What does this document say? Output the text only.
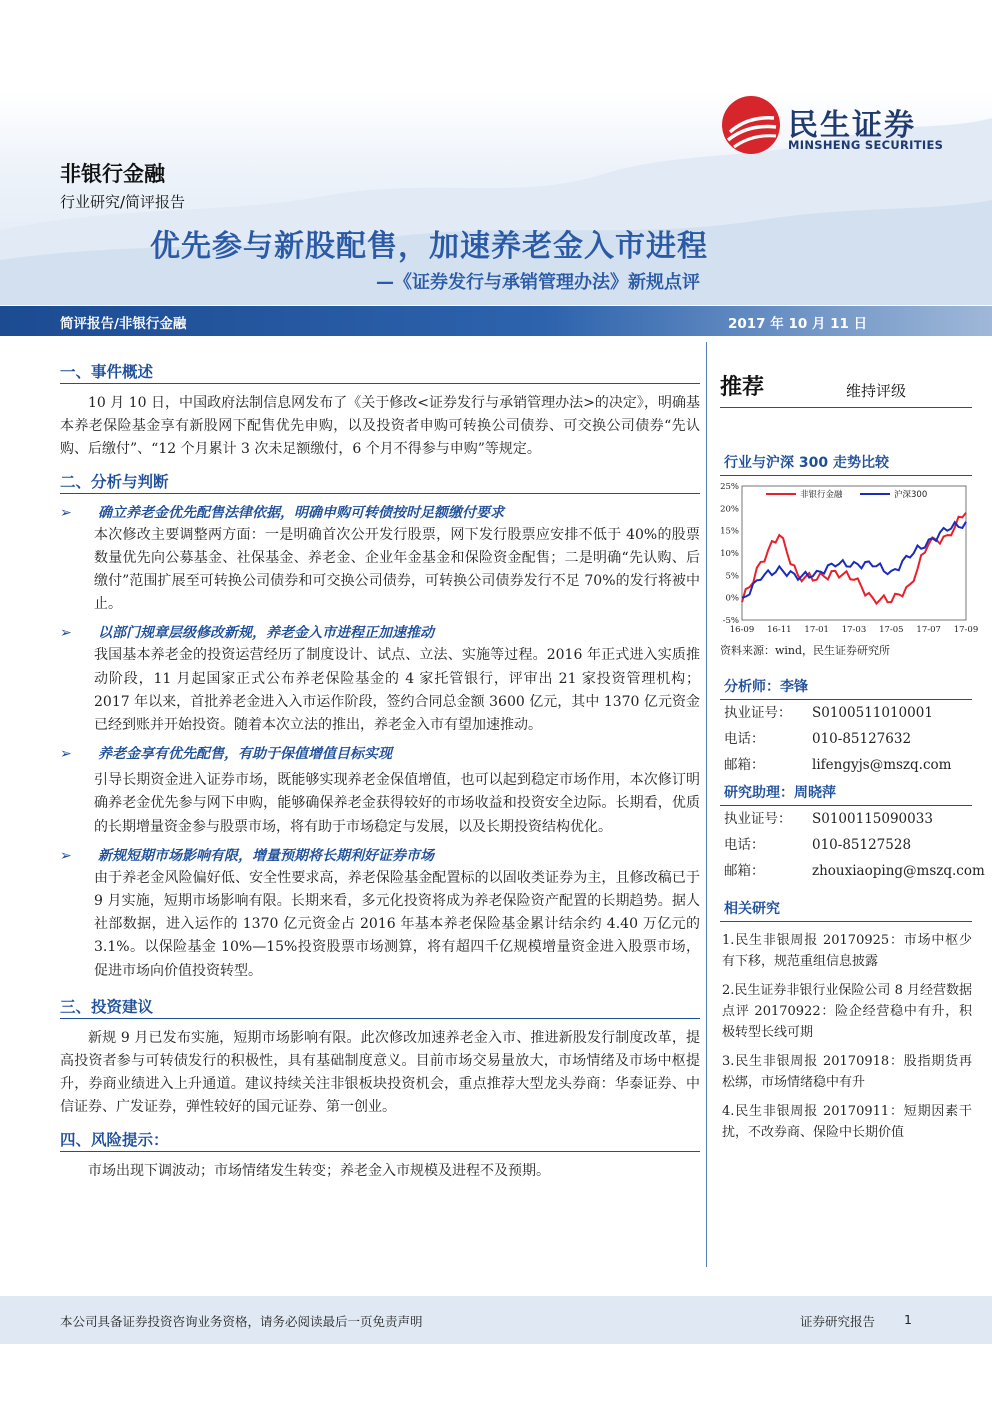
民生证券
MINSHENG SECURITIES
非银行金融
行业研究/简评报告
优先参与新股配售，加速养老金入市进程
—《证券发行与承销管理办法》新规点评
简评报告/非银行金融	2017 年 10 月 11 日
一、事件概述
10 月 10 日，中国政府法制信息网发布了《关于修改<证券发行与承销管理办法>的决定》，明确基本养老保险基金享有新股网下配售优先申购，以及投资者申购可转换公司债券、可交换公司债券“先认购、后缴付”、“12 个月累计 3 次未足额缴付，6 个月不得参与申购”等规定。
二、分析与判断
➢ 确立养老金优先配售法律依据，明确申购可转债按时足额缴付要求
本次修改主要调整两方面：一是明确首次公开发行股票，网下发行股票应安排不低于 40%的股票数量优先向公募基金、社保基金、养老金、企业年金基金和保险资金配售；二是明确“先认购、后缴付”范围扩展至可转换公司债券和可交换公司债券，可转换公司债券发行不足 70%的发行将被中止。
➢ 以部门规章层级修改新规，养老金入市进程正加速推动
我国基本养老金的投资运营经历了制度设计、试点、立法、实施等过程。2016 年正式进入实质推动阶段，11 月起国家正式公布养老保险基金的 4 家托管银行，评审出 21 家投资管理机构；2017 年以来，首批养老金进入入市运作阶段，签约合同总金额 3600 亿元，其中 1370 亿元资金已经到账并开始投资。随着本次立法的推出，养老金入市有望加速推动。
➢ 养老金享有优先配售，有助于保值增值目标实现
引导长期资金进入证券市场，既能够实现养老金保值增值，也可以起到稳定市场作用，本次修订明确养老金优先参与网下申购，能够确保养老金获得较好的市场收益和投资安全边际。长期看，优质的长期增量资金参与股票市场，将有助于市场稳定与发展，以及长期投资结构优化。
➢ 新规短期市场影响有限，增量预期将长期利好证券市场
由于养老金风险偏好低、安全性要求高，养老保险基金配置标的以固收类证券为主，且修改稿已于 9 月实施，短期市场影响有限。长期来看，多元化投资将成为养老保险资产配置的长期趋势。据人社部数据，进入运作的 1370 亿元资金占 2016 年基本养老保险基金累计结余约 4.40 万亿元的 3.1%。以保险基金 10%—15%投资股票市场测算，将有超四千亿规模增量资金进入股票市场，促进市场向价值投资转型。
三、投资建议
新规 9 月已发布实施，短期市场影响有限。此次修改加速养老金入市、推进新股发行制度改革，提高投资者参与可转债发行的积极性，具有基础制度意义。目前市场交易量放大，市场情绪及市场中枢提升，券商业绩进入上升通道。建议持续关注非银板块投资机会，重点推荐大型龙头券商：华泰证券、中信证券、广发证券，弹性较好的国元证券、第一创业。
四、风险提示：
市场出现下调波动；市场情绪发生转变；养老金入市规模及进程不及预期。
推荐	维持评级
行业与沪深 300 走势比较
25%
20%
15%
10%
5%
0%
-5%
16-09 16-11 17-01 17-03 17-05 17-07 17-09
非银行金融	沪深300
资料来源：wind，民生证券研究所
分析师：李锋
执业证号： S0100511010001
电话：	010-85127632
邮箱：	lifengyjs@mszq.com
研究助理：周晓萍
执业证号： S0100115090033
电话：	010-85127528
邮箱：	zhouxiaoping@mszq.com
相关研究
1.民生非银周报 20170925：市场中枢少有下移，规范重组信息披露
2.民生证券非银行业保险公司 8 月经营数据点评 20170922：险企经营稳中有升，积极转型长线可期
3.民生非银周报 20170918：股指期货再松绑，市场情绪稳中有升
4.民生非银周报 20170911：短期因素干扰，不改券商、保险中长期价值
本公司具备证券投资咨询业务资格，请务必阅读最后一页免责声明	证券研究报告 1
